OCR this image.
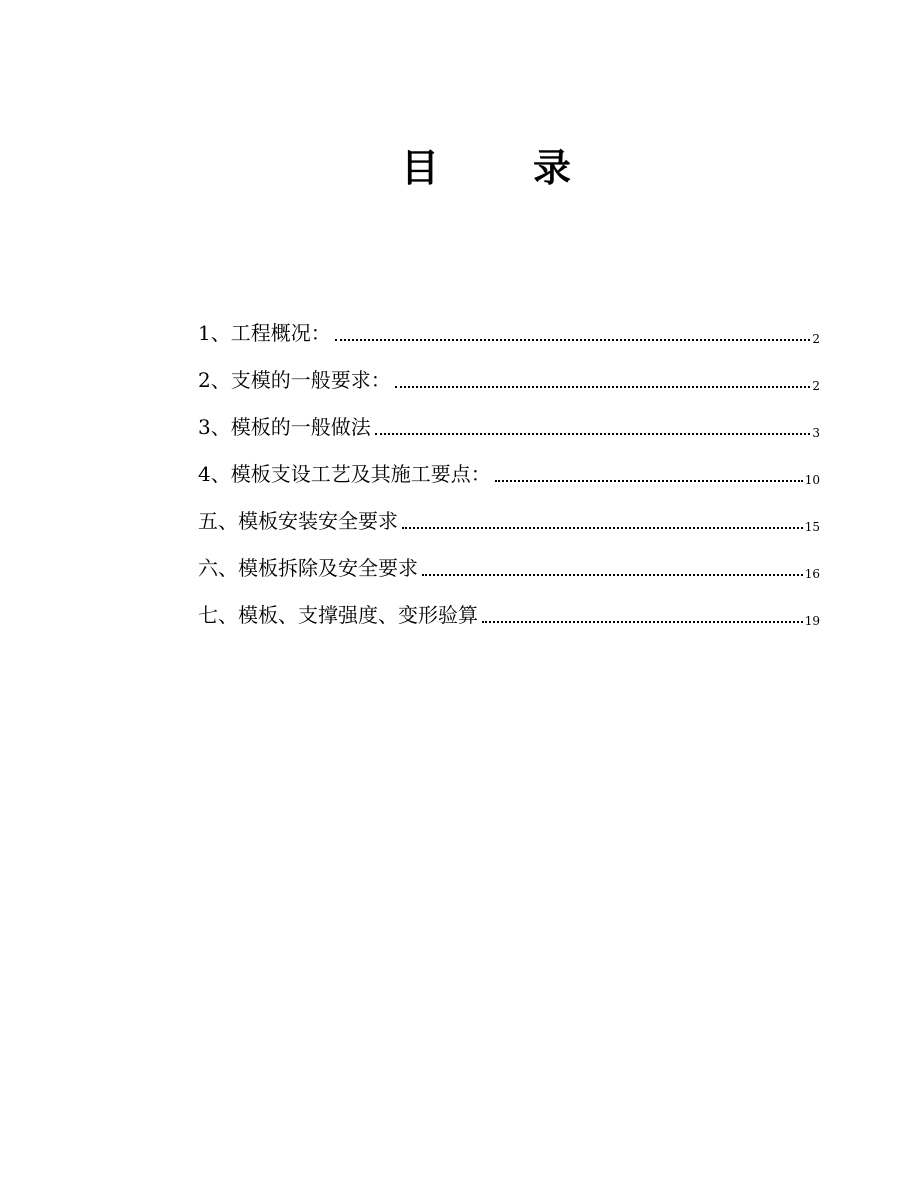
目 录
1、工程概况：	2
2、支模的一般要求：	2
3、模板的一般做法	3
4、模板支设工艺及其施工要点：	10
五、模板安装安全要求	15
六、模板拆除及安全要求	16
七、模板、支撑强度、变形验算	19
